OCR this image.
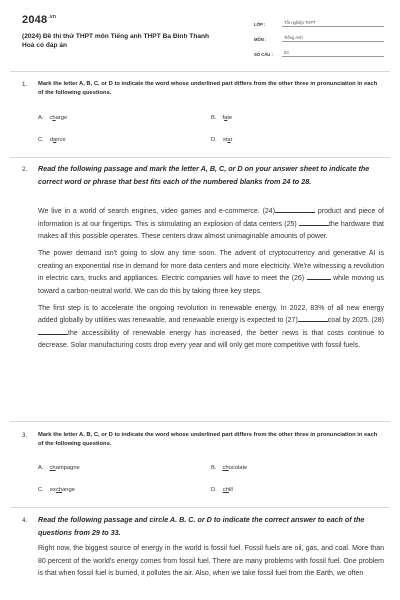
$2048^{.vn}$
(2024) Đề thi thử THPT môn Tiếng anh THPT Ba Đình Thanh Hoá có đáp án
LỚP :	Tốt nghiệp THPT
MÔN :	Tiếng Anh
SỐ CÂU :	53
1. Mark the letter A, B, C, or D to indicate the word whose underlined part differs from the other three in pronunciation in each of the following questions.
A. charge	B. fate
C. dance	D. star
2. Read the following passage and mark the letter A, B, C, or D on your answer sheet to indicate the correct word or phrase that best fits each of the numbered blanks from 24 to 28.

We live in a world of search engines, video games and e-commerce. (24)	product and piece of information is at our fingertips. This is stimulating an explosion of data centers (25)	the hardware that makes all this possible operates. These centers draw almost unimaginable amounts of power.

The power demand isn't going to slow any time soon. The advent of cryptocurrency and generative AI is creating an exponential rise in demand for more data centers and more electricity. We're witnessing a revolution in electric cars, trucks and appliances. Electric companies will have to meet the (26)	while moving us toward a carbon-neutral world. We can do this by taking three key steps.

The first step is to accelerate the ongoing revolution in renewable energy. In 2022, 83% of all new energy added globally by utilities was renewable, and renewable energy is expected to (27)	coal by 2025. (28) the accessibility of renewable energy has increased, the better news is that costs continue to decrease. Solar manufacturing costs drop every year and will only get more competitive with fossil fuels.

3. Mark the letter A, B, C, or D to indicate the word whose underlined part differs from the other three in pronunciation in each of the following questions.
A. champagne	B. chocolate
C. exchange	D. chill
4. Read the following passage and circle A. B. C. or D to indicate the correct answer to each of the questions from 29 to 33.

Right now, the biggest source of energy in the world is fossil fuel. Fossil fuels are oil, gas, and coal. More than 80 percent of the world's energy comes from fossil fuel. There are many problems with fossil fuel. One problem is that when fossil fuel is burned, it pollutes the air. Also, when we take fossil fuel from the Earth, we often
